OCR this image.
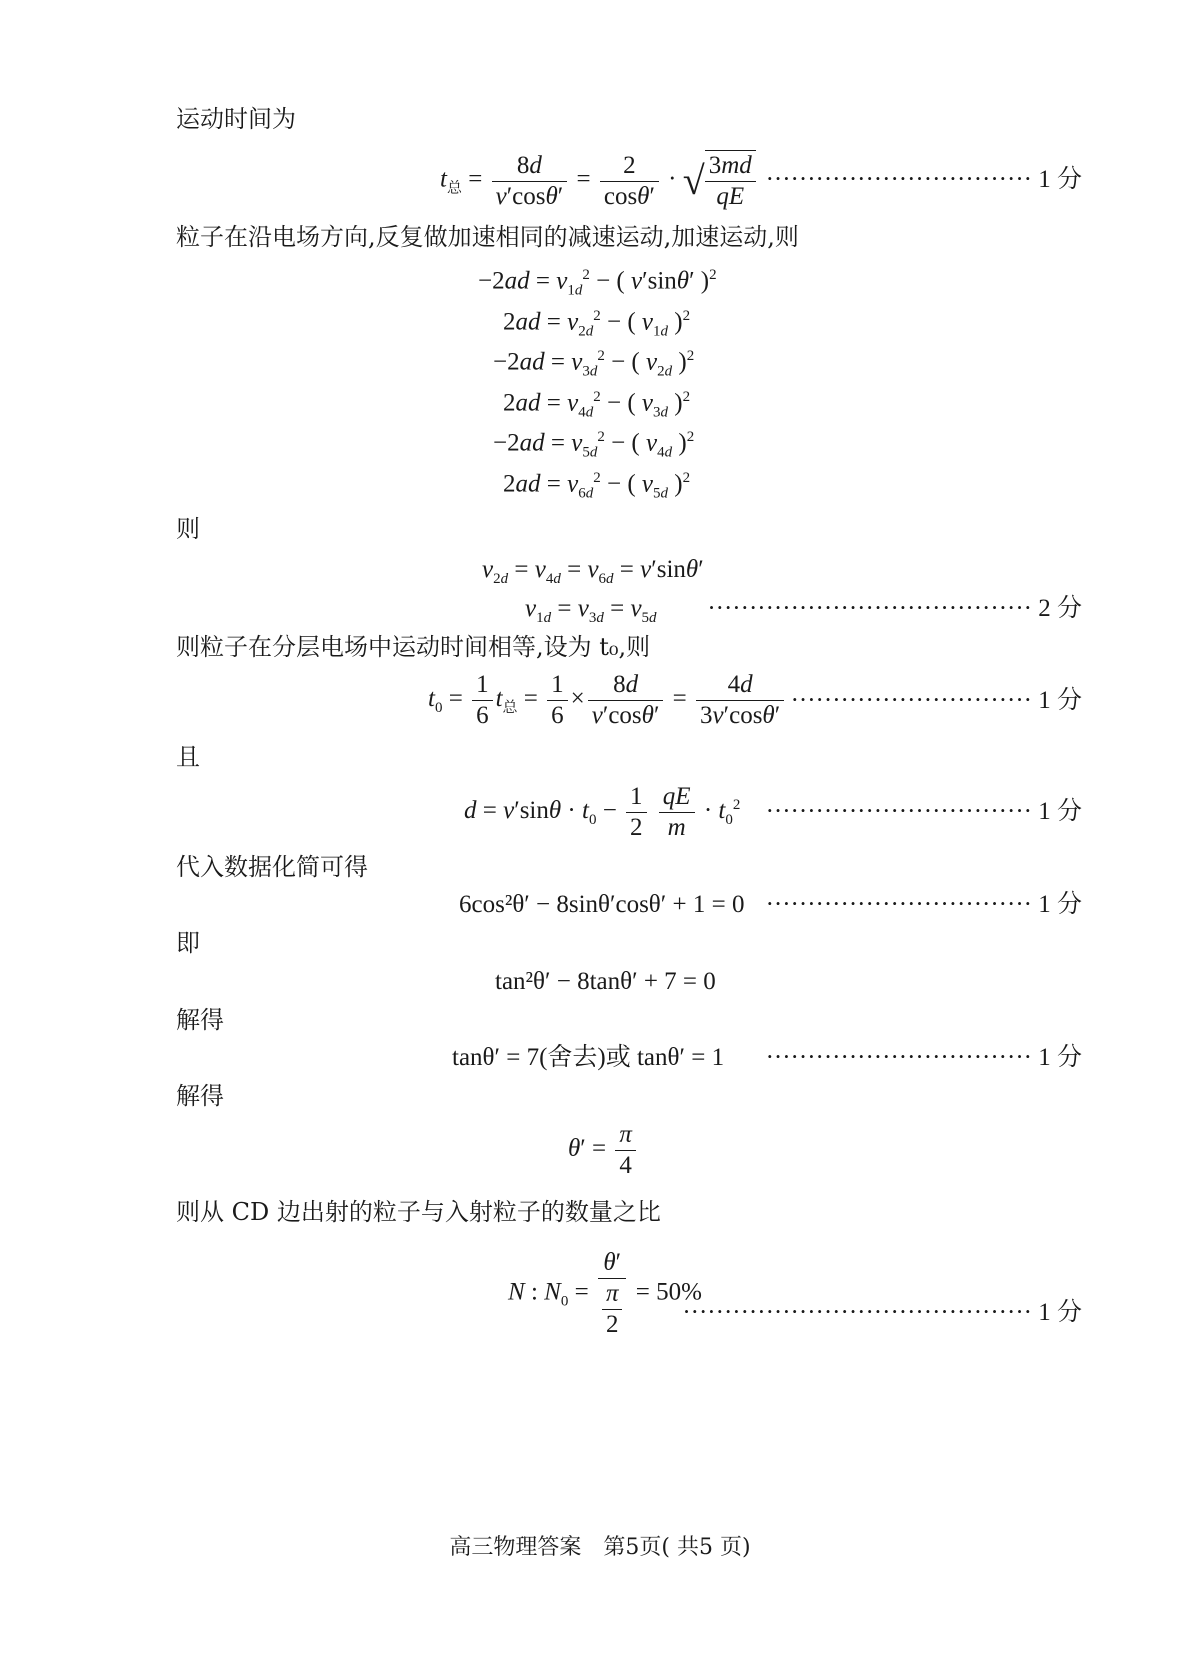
运动时间为
$t_总 = \frac{8d}{v'\cos\theta'} = \frac{2}{\cos\theta'}$ · √ $\frac{3md}{qE}$ ································ 1 分
粒子在沿电场方向,反复做加速相同的减速运动,加速运动,则
$-2ad = v_{1d}^2$ − ( v′sinθ′ )$^2$
$2ad = v_{2d}^2$ − ( $v_{1d}$ )$^2$
$-2ad = v_{3d}^2$ − ( $v_{2d}$ )$^2$
$2ad = v_{4d}^2$ − ( $v_{3d}$ )$^2$
$-2ad = v_{5d}^2$ − ( $v_{4d}$ )$^2$
$2ad = v_{6d}^2$ − ( $v_{5d}$ )$^2$
则
$v_{2d} = v_{4d} = v_{6d} = v'\sin\theta'$
$v_{1d} = v_{3d} = v_{5d}$ ······································· 2 分
则粒子在分层电场中运动时间相等,设为 t₀,则
$t_0 = \frac{1}{6} t_总 = \frac{1}{6} \times \frac{8d}{v'\cos\theta'} = \frac{4d}{3v'\cos\theta'}$ ····························· 1 分
且
$d = v'\sin\theta \cdot t_0 - \frac{1}{2}$
$\frac{qE}{m} \cdot t_0^2$ ································ 1 分
代入数据化简可得
6cos²θ′ − 8sinθ′cosθ′ + 1 = 0 ································ 1 分
即
tan²θ′ − 8tanθ′ + 7 = 0
解得
tanθ′ = 7(舍去)或 tanθ′ = 1 ································ 1 分
解得
$\theta' = \frac{\pi}{4}$
则从 CD 边出射的粒子与入射粒子的数量之比
N : $N_0 = \frac{\theta'}{\frac{\pi}{2}} = 50\%$
·········································· 1 分
高三物理答案　第5页( 共5 页)
